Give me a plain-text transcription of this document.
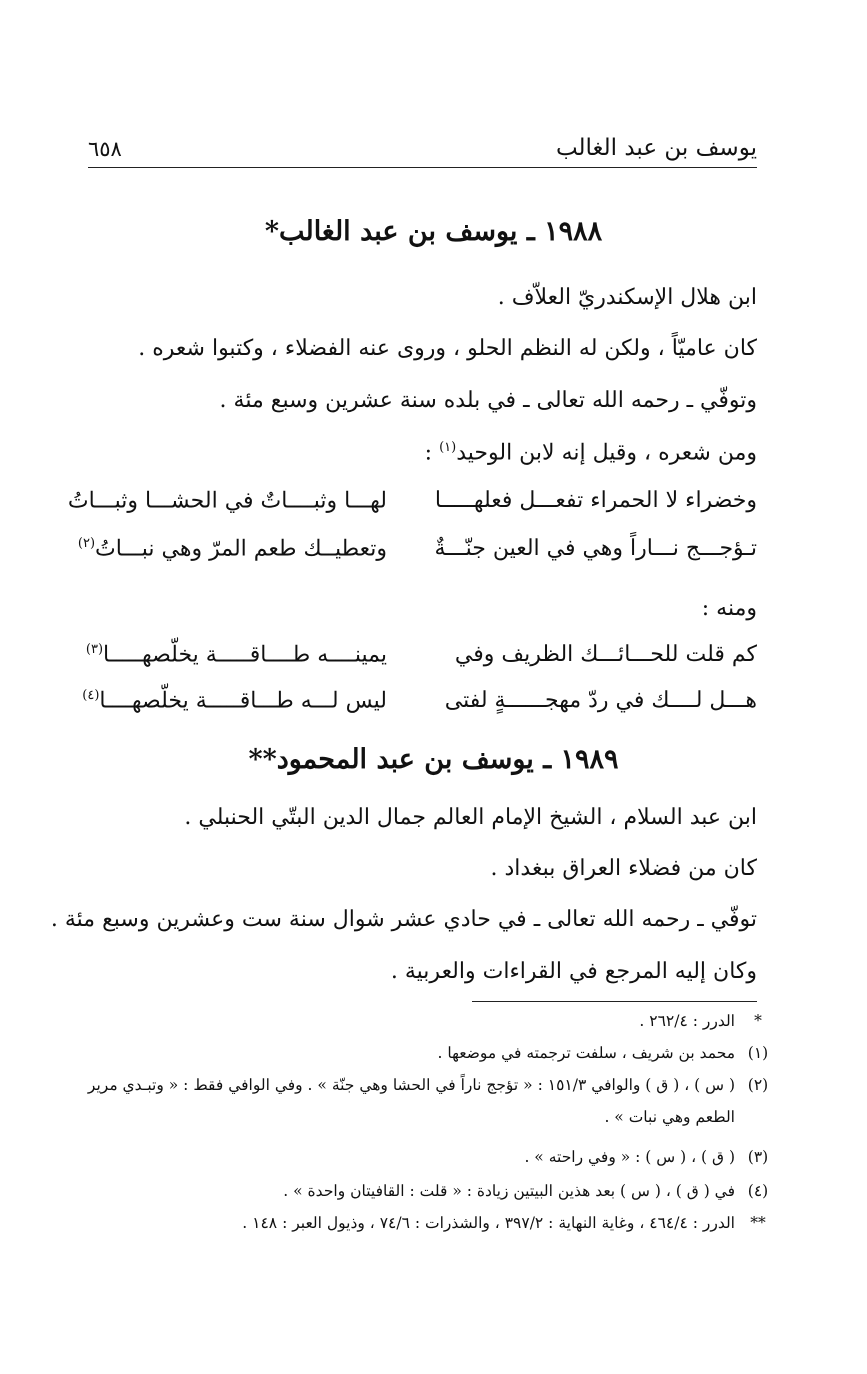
يوسف بن عبد الغالب
٦٥٨
١٩٨٨ ـ يوسف بن عبد الغالب*
ابن هلال الإسكندريّ العلاّف .
كان عاميّاً ، ولكن له النظم الحلو ، وروى عنه الفضلاء ، وكتبوا شعره .
وتوفّي ـ رحمه الله تعالى ـ في بلده سنة عشرين وسبع مئة .
ومن شعره ، وقيل إنه لابن الوحيد$^{(١)}$ :
وخضراء لا الحمراء تفعـــل فعلهـــــا
لهـــا وثبــــاتٌ في الحشـــا وثبـــاتُ
تـؤجـــج نـــاراً وهي في العين جنّـــةٌ
وتعطيــك طعم المرّ وهي نبـــاتُ$^{(٢)}$
ومنه :
كم قلت للحـــائـــك الظريف وفي
يمينــــه طــــاقـــــة يخلّصهـــــا$^{(٣)}$
هـــل لــــك في ردّ مهجــــــةٍ لفتى
ليس لـــه طـــاقـــــة يخلّصهــــا$^{(٤)}$
١٩٨٩ ـ يوسف بن عبد المحمود**
ابن عبد السلام ، الشيخ الإمام العالم جمال الدين البتّي الحنبلي .
كان من فضلاء العراق ببغداد .
توفّي ـ رحمه الله تعالى ـ في حادي عشر شوال سنة ست وعشرين وسبع مئة .
وكان إليه المرجع في القراءات والعربية .
*
الدرر : ٢٦٢/٤ .
(١)
محمد بن شريف ، سلفت ترجمته في موضعها .
(٢)
( س ) ، ( ق ) والوافي ١٥١/٣ : « تؤجج ناراً في الحشا وهي جنّة » . وفي الوافي فقط : « وتبـدي مرير
الطعم وهي نبات » .
(٣)
( ق ) ، ( س ) : « وفي راحته » .
(٤)
في ( ق ) ، ( س ) بعد هذين البيتين زيادة : « قلت : القافيتان واحدة » .
**
الدرر : ٤٦٤/٤ ، وغاية النهاية : ٣٩٧/٢ ، والشذرات : ٧٤/٦ ، وذيول العبر : ١٤٨ .
